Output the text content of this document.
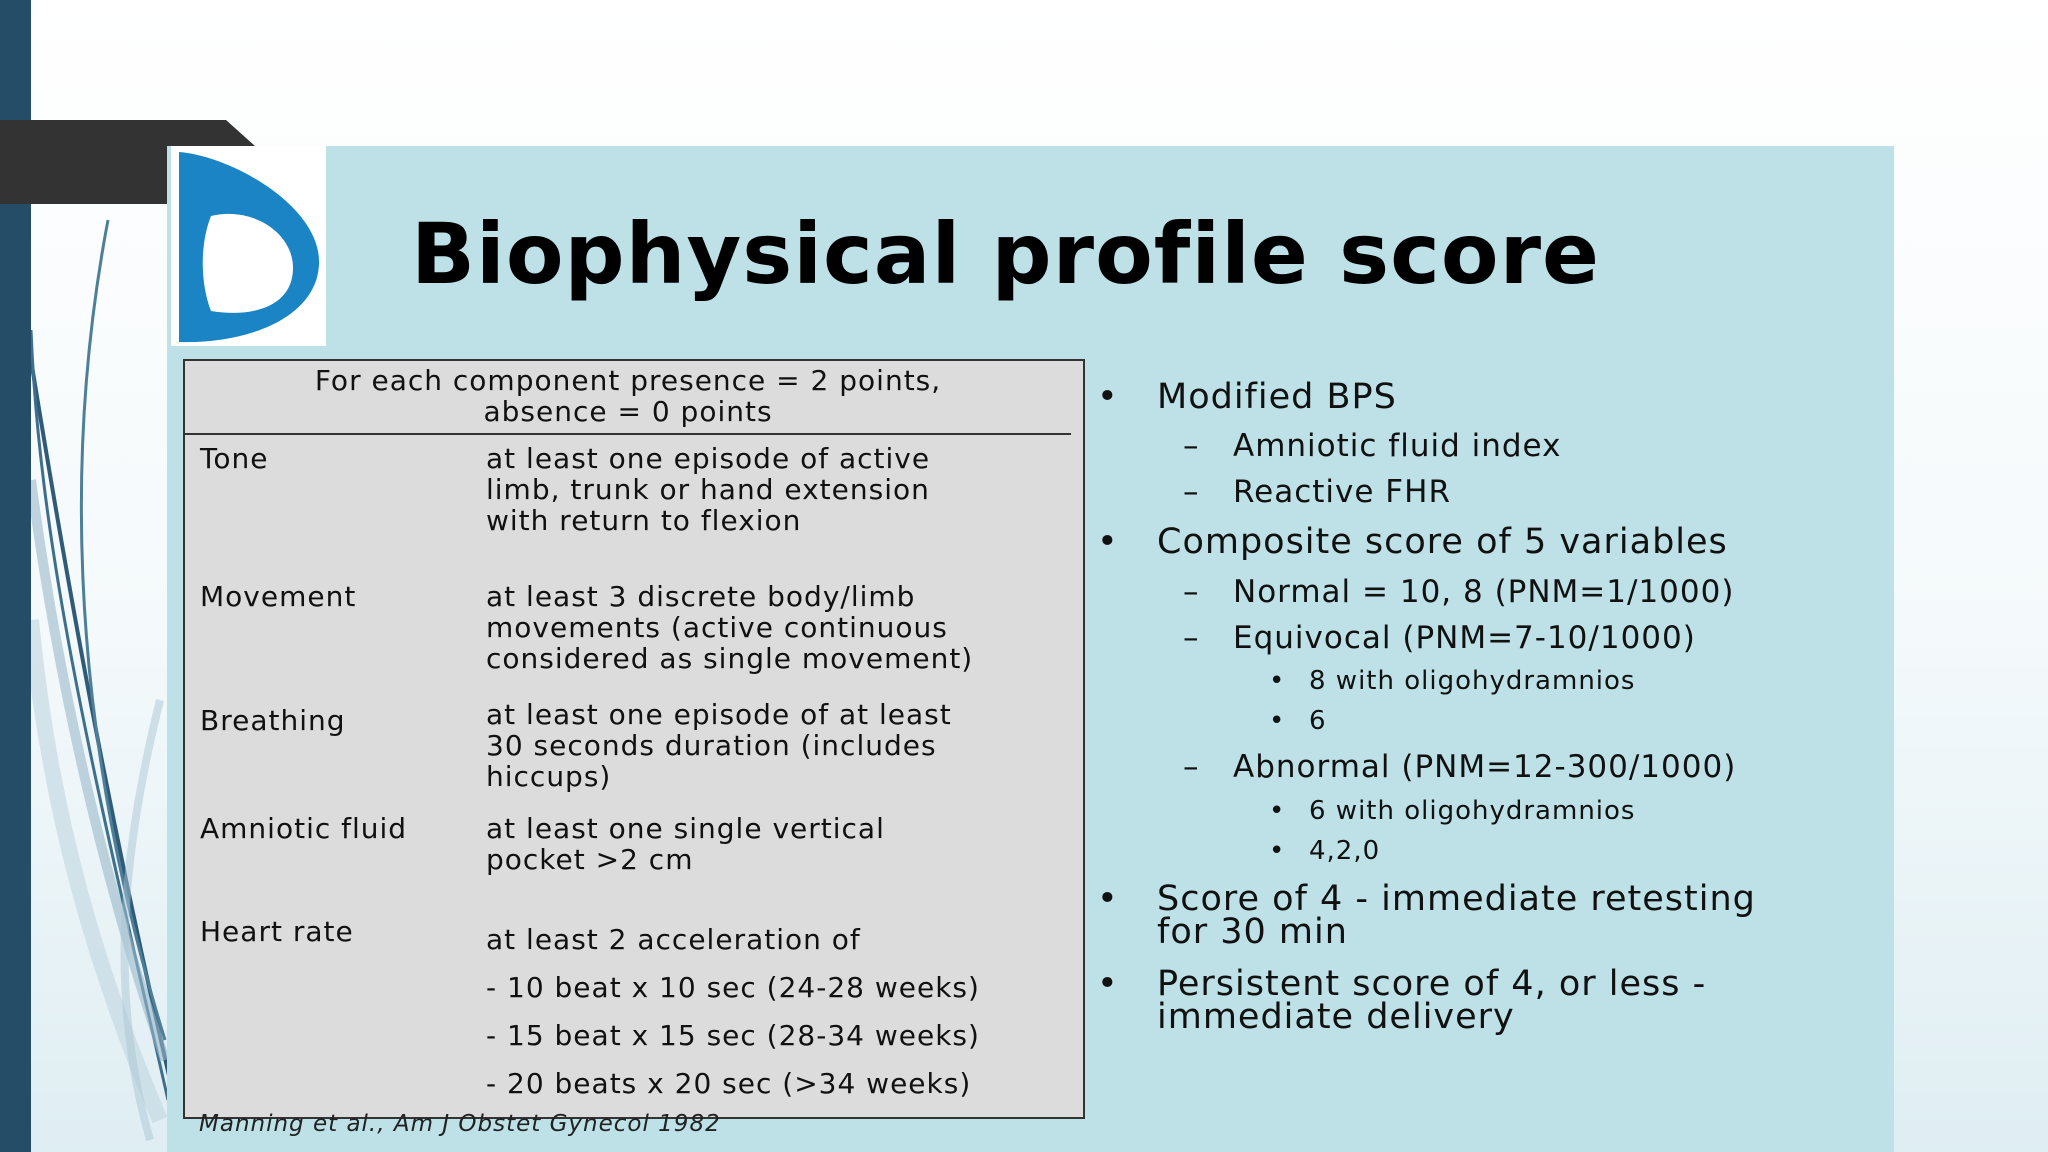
Biophysical profile score
For each component presence = 2 points,
absence = 0 points
Tone	at least one episode of active
limb, trunk or hand extension
with return to flexion
Movement	at least 3 discrete body/limb
movements (active continuous
considered as single movement)
Breathing	at least one episode of at least
30 seconds duration (includes
hiccups)
Amniotic fluid	at least one single vertical
pocket >2 cm
Heart rate	at least 2 acceleration of
- 10 beat x 10 sec (24-28 weeks)
- 15 beat x 15 sec (28-34 weeks)
- 20 beats x 20 sec (>34 weeks)
Manning et al., Am J Obstet Gynecol 1982
• Modified BPS
– Amniotic fluid index
– Reactive FHR
• Composite score of 5 variables
– Normal = 10, 8 (PNM=1/1000)
– Equivocal (PNM=7-10/1000)
• 8 with oligohydramnios
• 6
– Abnormal (PNM=12-300/1000)
• 6 with oligohydramnios
• 4,2,0
• Score of 4 - immediate retesting
for 30 min
• Persistent score of 4, or less -
immediate delivery
